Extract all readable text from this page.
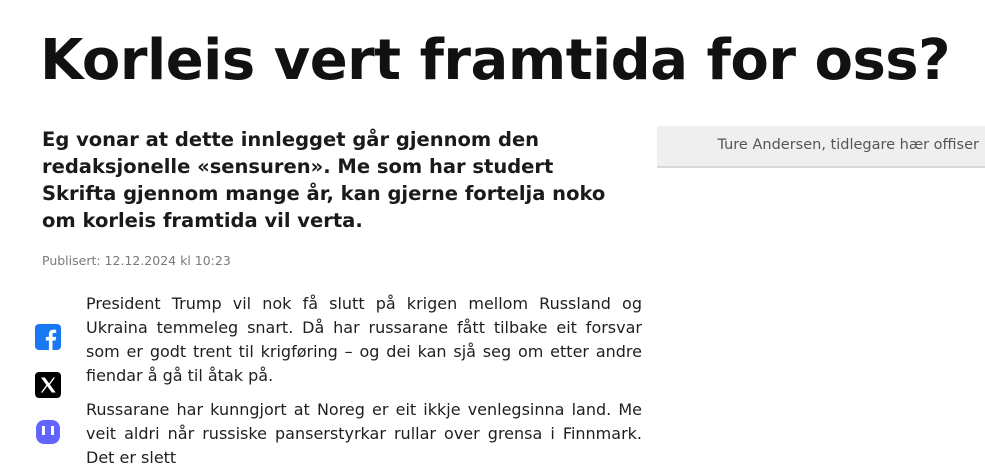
Korleis vert framtida for oss?

Eg vonar at dette innlegget går gjennom den redaksjonelle «sensuren». Me som har studert Skrifta gjennom mange år, kan gjerne fortelja noko om korleis framtida vil verta.

Publisert: 12.12.2024 kl 10:23
Ture Andersen, tidlegare hær offiser

President Trump vil nok få slutt på krigen mellom Russland og Ukraina temmeleg snart. Då har russarane fått tilbake eit forsvar som er godt trent til krigføring – og dei kan sjå seg om etter andre fiendar å gå til åtak på.

Russarane har kunngjort at Noreg er eit ikkje venlegsinna land. Me veit aldri når russiske panserstyrkar rullar over grensa i Finnmark. Det er slett
